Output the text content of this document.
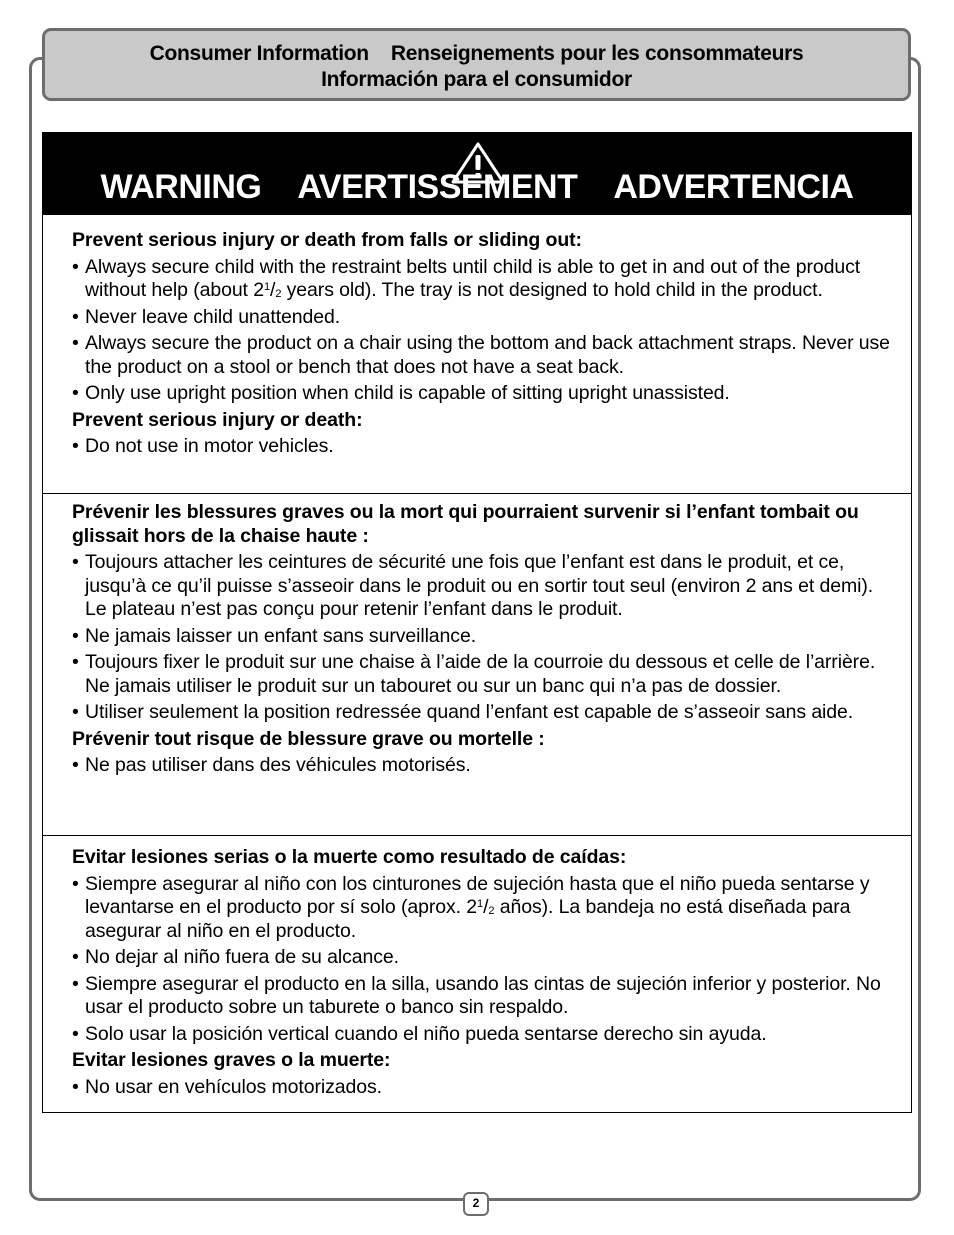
Consumer Information Renseignements pour les consommateurs
Información para el consumidor
WARNING AVERTISSEMENT ADVERTENCIA

Prevent serious injury or death from falls or sliding out:

• Always secure child with the restraint belts until child is able to get in and out of the product without help (about $2^1/2$ years old). The tray is not designed to hold child in the product.
• Never leave child unattended.
• Always secure the product on a chair using the bottom and back attachment straps. Never use the product on a stool or bench that does not have a seat back.
• Only use upright position when child is capable of sitting upright unassisted.

Prevent serious injury or death:

• Do not use in motor vehicles.

Prévenir les blessures graves ou la mort qui pourraient survenir si l’enfant tombait ou glissait hors de la chaise haute :

• Toujours attacher les ceintures de sécurité une fois que l’enfant est dans le produit, et ce, jusqu’à ce qu’il puisse s’asseoir dans le produit ou en sortir tout seul (environ 2 ans et demi). Le plateau n’est pas conçu pour retenir l’enfant dans le produit.
• Ne jamais laisser un enfant sans surveillance.
• Toujours fixer le produit sur une chaise à l’aide de la courroie du dessous et celle de l’arrière. Ne jamais utiliser le produit sur un tabouret ou sur un banc qui n’a pas de dossier.
• Utiliser seulement la position redressée quand l’enfant est capable de s’asseoir sans aide.

Prévenir tout risque de blessure grave ou mortelle :

• Ne pas utiliser dans des véhicules motorisés.

Evitar lesiones serias o la muerte como resultado de caídas:

• Siempre asegurar al niño con los cinturones de sujeción hasta que el niño pueda sentarse y levantarse en el producto por sí solo (aprox. $2^1/2$ años). La bandeja no está diseñada para asegurar al niño en el producto.
• No dejar al niño fuera de su alcance.
• Siempre asegurar el producto en la silla, usando las cintas de sujeción inferior y posterior. No usar el producto sobre un taburete o banco sin respaldo.
• Solo usar la posición vertical cuando el niño pueda sentarse derecho sin ayuda.

Evitar lesiones graves o la muerte:

• No usar en vehículos motorizados.
2
